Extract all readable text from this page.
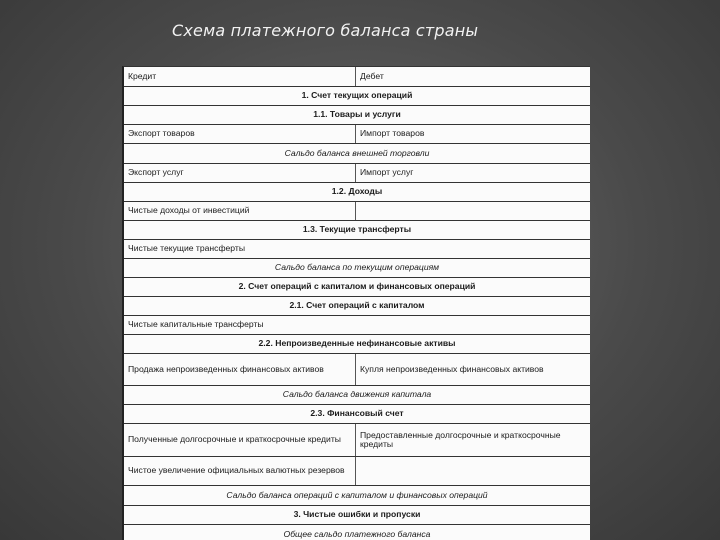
Схема платежного баланса страны
Кредит	Дебет
1. Счет текущих операций
1.1. Товары и услуги
Экспорт товаров	Импорт товаров
Сальдо баланса внешней торговли
Экспорт услуг	Импорт услуг
1.2. Доходы
Чистые доходы от инвестиций
1.3. Текущие трансферты
Чистые текущие трансферты
Сальдо баланса по текущим операциям
2. Счет операций с капиталом и финансовых операций
2.1. Счет операций с капиталом
Чистые капитальные трансферты
2.2. Непроизведенные нефинансовые активы
Продажа непроизведенных финансовых активов	Купля непроизведенных финансовых активов
Сальдо баланса движения капитала
2.3. Финансовый счет
Полученные долгосрочные и краткосрочные кредиты	Предоставленные долгосрочные и краткосрочные кредиты
Чистое увеличение официальных валютных резервов
Сальдо баланса операций с капиталом и финансовых операций
3. Чистые ошибки и пропуски
Общее сальдо платежного баланса
